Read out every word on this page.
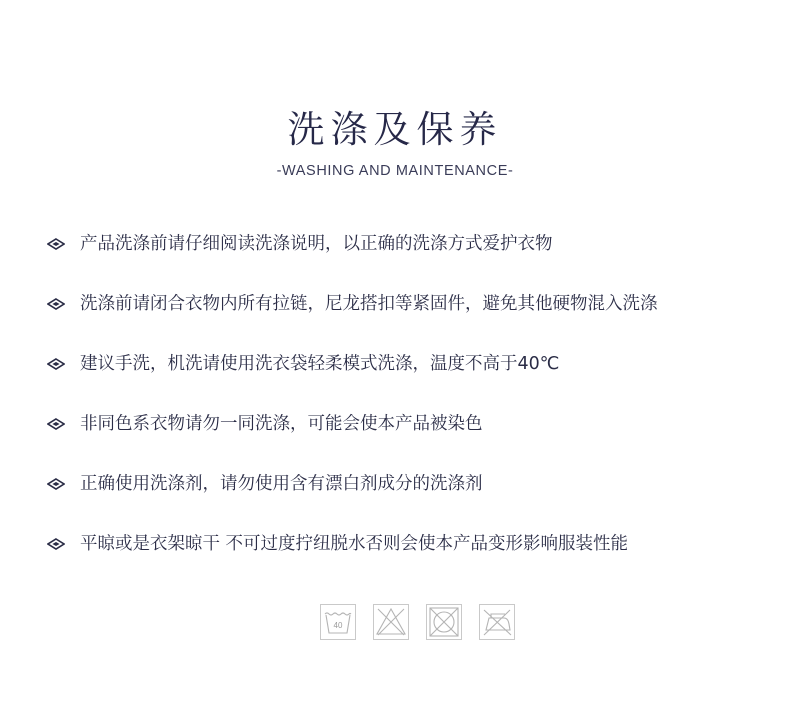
洗涤及保养
-WASHING AND MAINTENANCE-
产品洗涤前请仔细阅读洗涤说明，以正确的洗涤方式爱护衣物
洗涤前请闭合衣物内所有拉链，尼龙搭扣等紧固件，避免其他硬物混入洗涤
建议手洗，机洗请使用洗衣袋轻柔模式洗涤，温度不高于40℃
非同色系衣物请勿一同洗涤，可能会使本产品被染色
正确使用洗涤剂，请勿使用含有漂白剂成分的洗涤剂
平晾或是衣架晾干 不可过度拧纽脱水否则会使本产品变形影响服装性能
40
